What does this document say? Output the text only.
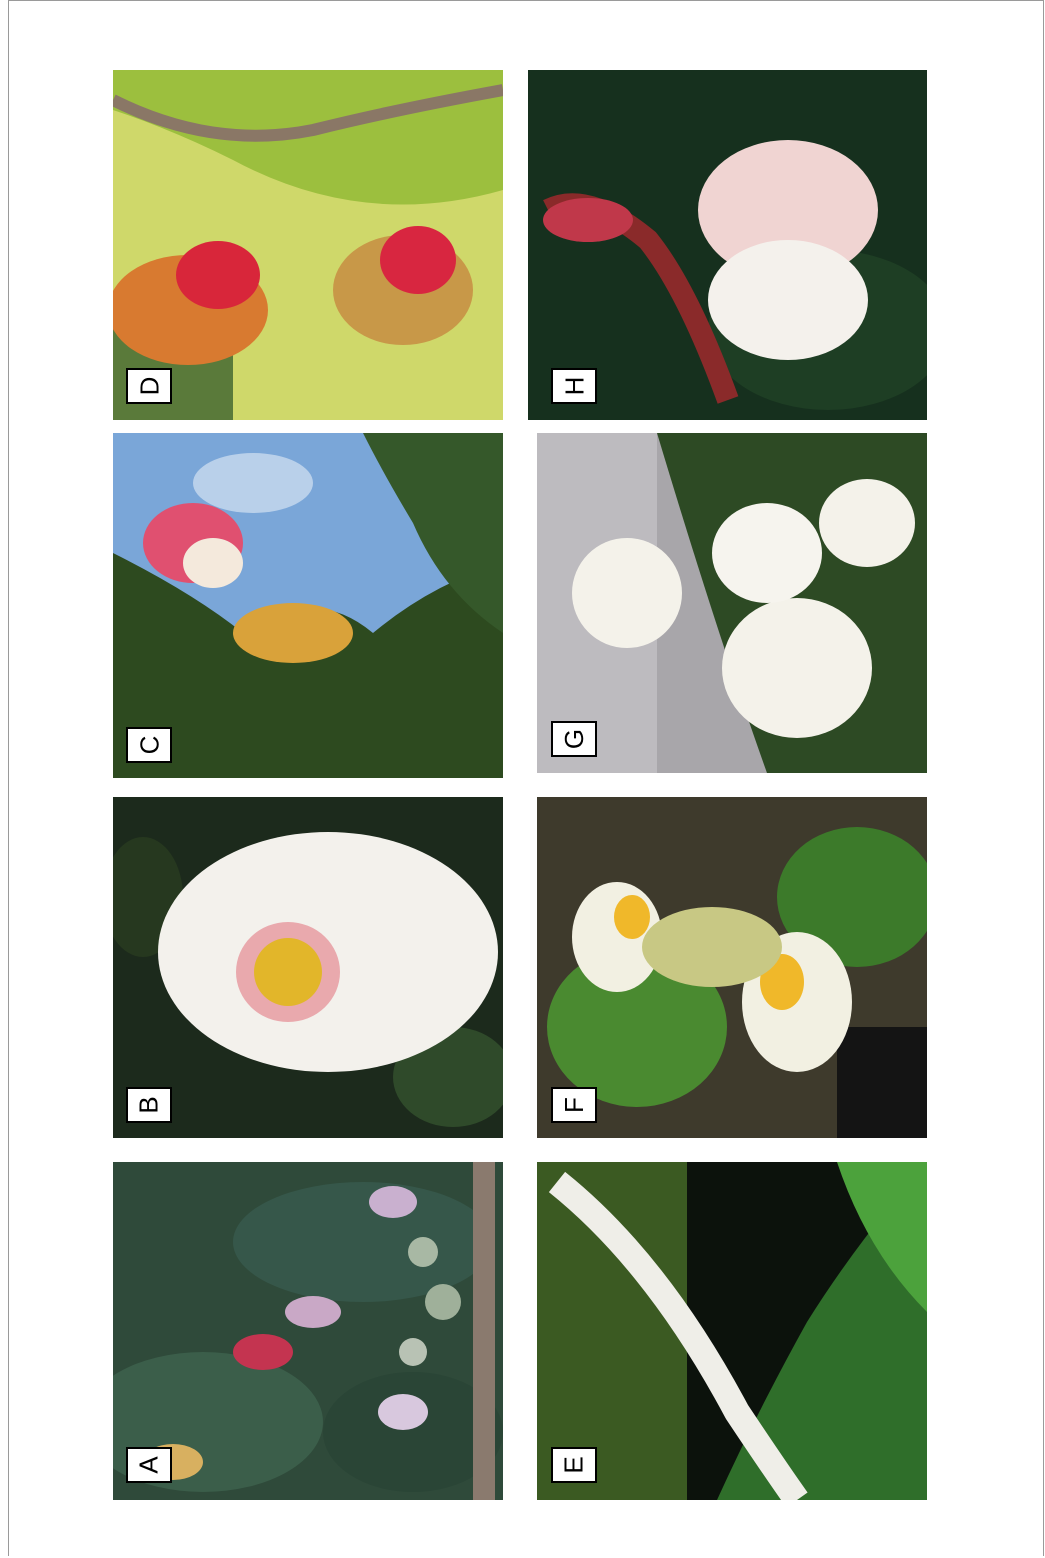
A
B
C
D
E
F
G
H
